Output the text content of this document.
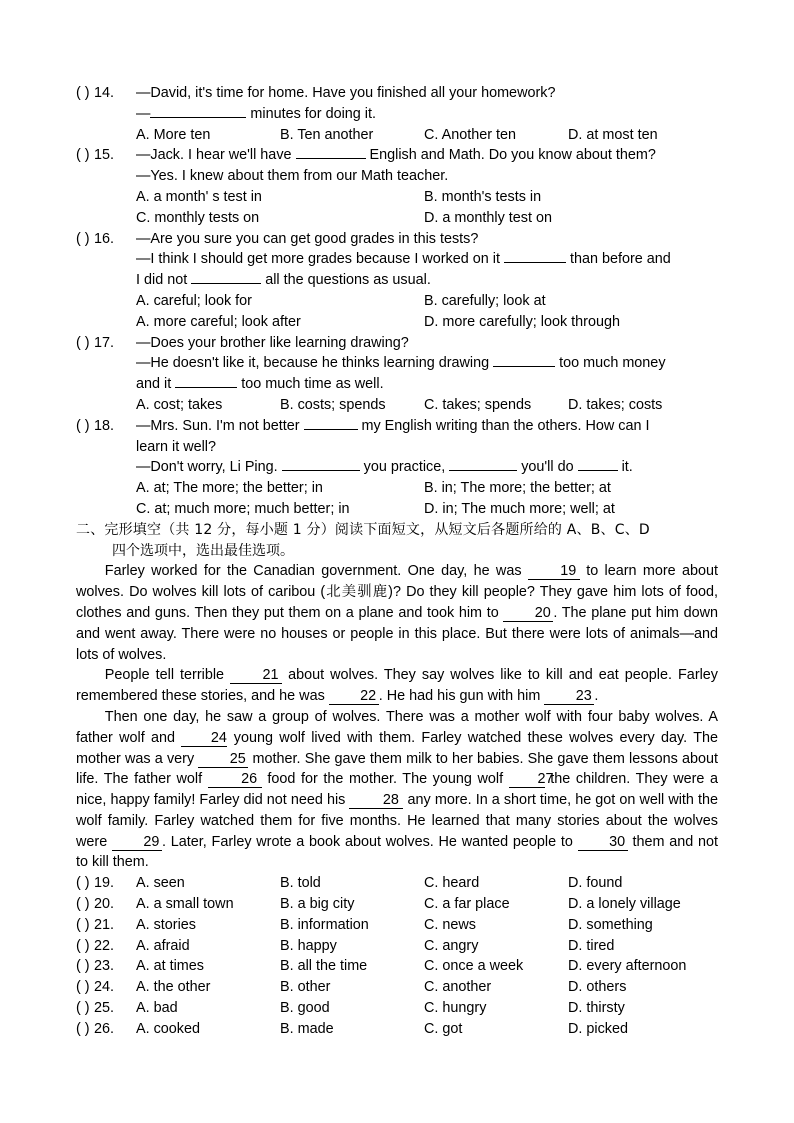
( ) 14. —David, it's time for home. Have you finished all your homework?
—	minutes for doing it.
A. More ten	B. Ten another	C. Another ten	D. at most ten
( ) 15. —Jack. I hear we'll have	English and Math. Do you know about them?
—Yes. I knew about them from our Math teacher.
A. a month' s test in	B. month's tests in
C. monthly tests on	D. a monthly test on
( ) 16. —Are you sure you can get good grades in this tests?
—I think I should get more grades because I worked on it	than before and
I did not	all the questions as usual.
A. careful; look for	B. carefully; look at
A. more careful; look after	D. more carefully; look through
( ) 17. —Does your brother like learning drawing?
—He doesn't like it, because he thinks learning drawing	too much money
and it	too much time as well.
A. cost; takes	B. costs; spends	C. takes; spends	D. takes; costs
( ) 18. —Mrs. Sun. I'm not better	my English writing than the others. How can I
learn it well?
—Don't worry, Li Ping.	you practice,	you'll do	it.
A. at; The more; the better; in	B. in; The more; the better; at
C. at; much more; much better; in	D. in; The much more; well; at
二、完形填空（共 12 分，每小题 1 分）阅读下面短文，从短文后各题所给的 A、B、C、D
四个选项中，选出最佳选项。

Farley worked for the Canadian government. One day, he was	19 to learn more about wolves. Do wolves kill lots of caribou (北美驯鹿)? Do they kill people? They gave him lots of food, clothes and guns. Then they put them on a plane and took him to	20 . The plane put him down and went away. There were no houses or people in this place. But there were lots of animals—and lots of wolves.

People tell terrible	21 about wolves. They say wolves like to kill and eat people. Farley remembered these stories, and he was 22 . He had his gun with him 23 .

Then one day, he saw a group of wolves. There was a mother wolf with four baby wolves. A father wolf and 24 young wolf lived with them. Farley watched these wolves every day. The mother was a very 25 mother. She gave them milk to her babies. She gave them lessons about life. The father wolf	26 food for the mother. The young wolf 27 the children. They were a nice, happy family! Farley did not need his	28 any more. In a short time, he got on well with the wolf family. Farley watched them for five months. He learned that many stories about the wolves were	29 . Later, Farley wrote a book about wolves. He wanted people to	30 them and not to kill them.

( ) 19. A. seen	B. told	C. heard	D. found
( ) 20. A. a small town	B. a big city	C. a far place	D. a lonely village
( ) 21. A. stories	B. information	C. news	D. something
( ) 22. A. afraid	B. happy	C. angry	D. tired
( ) 23. A. at times	B. all the time	C. once a week	D. every afternoon
( ) 24. A. the other	B. other	C. another	D. others
( ) 25. A. bad	B. good	C. hungry	D. thirsty
( ) 26. A. cooked	B. made	C. got	D. picked
